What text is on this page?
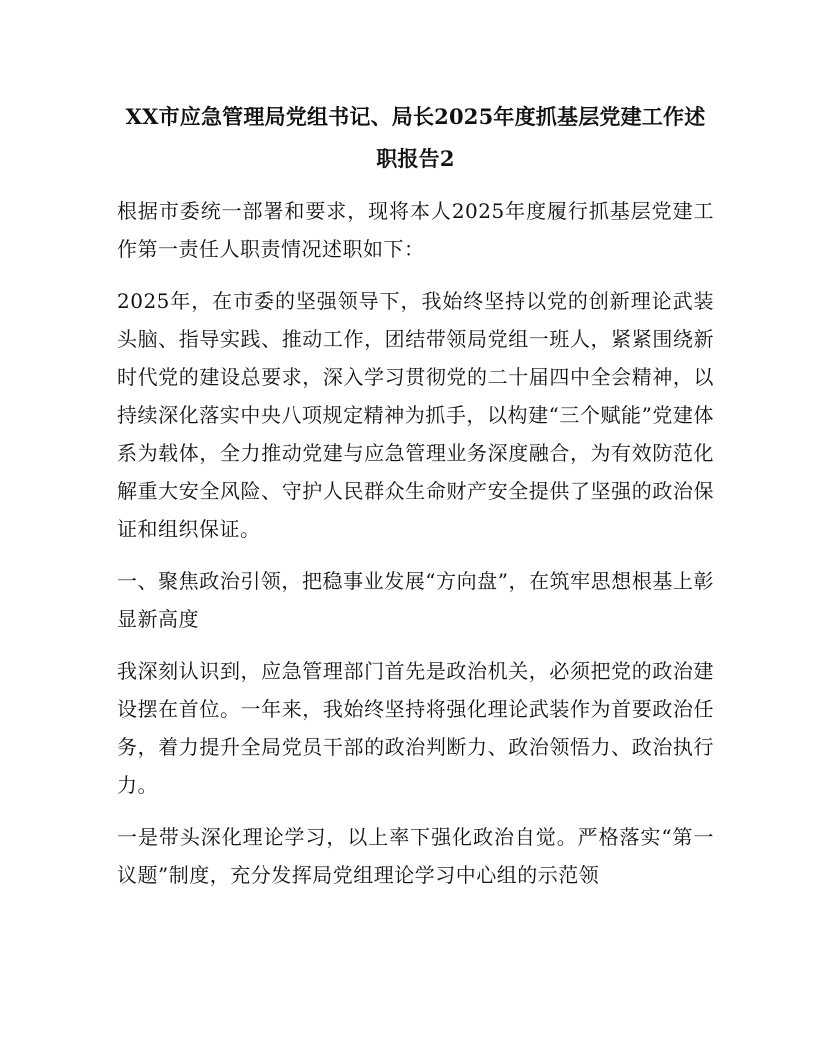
XX市应急管理局党组书记、局长2025年度抓基层党建工作述职报告2

根据市委统一部署和要求，现将本人2025年度履行抓基层党建工作第一责任人职责情况述职如下：

2025年，在市委的坚强领导下，我始终坚持以党的创新理论武装头脑、指导实践、推动工作，团结带领局党组一班人，紧紧围绕新时代党的建设总要求，深入学习贯彻党的二十届四中全会精神，以持续深化落实中央八项规定精神为抓手，以构建“三个赋能”党建体系为载体，全力推动党建与应急管理业务深度融合，为有效防范化解重大安全风险、守护人民群众生命财产安全提供了坚强的政治保证和组织保证。

一、聚焦政治引领，把稳事业发展“方向盘”，在筑牢思想根基上彰显新高度

我深刻认识到，应急管理部门首先是政治机关，必须把党的政治建设摆在首位。一年来，我始终坚持将强化理论武装作为首要政治任务，着力提升全局党员干部的政治判断力、政治领悟力、政治执行力。

一是带头深化理论学习，以上率下强化政治自觉。严格落实“第一议题”制度，充分发挥局党组理论学习中心组的示范领
